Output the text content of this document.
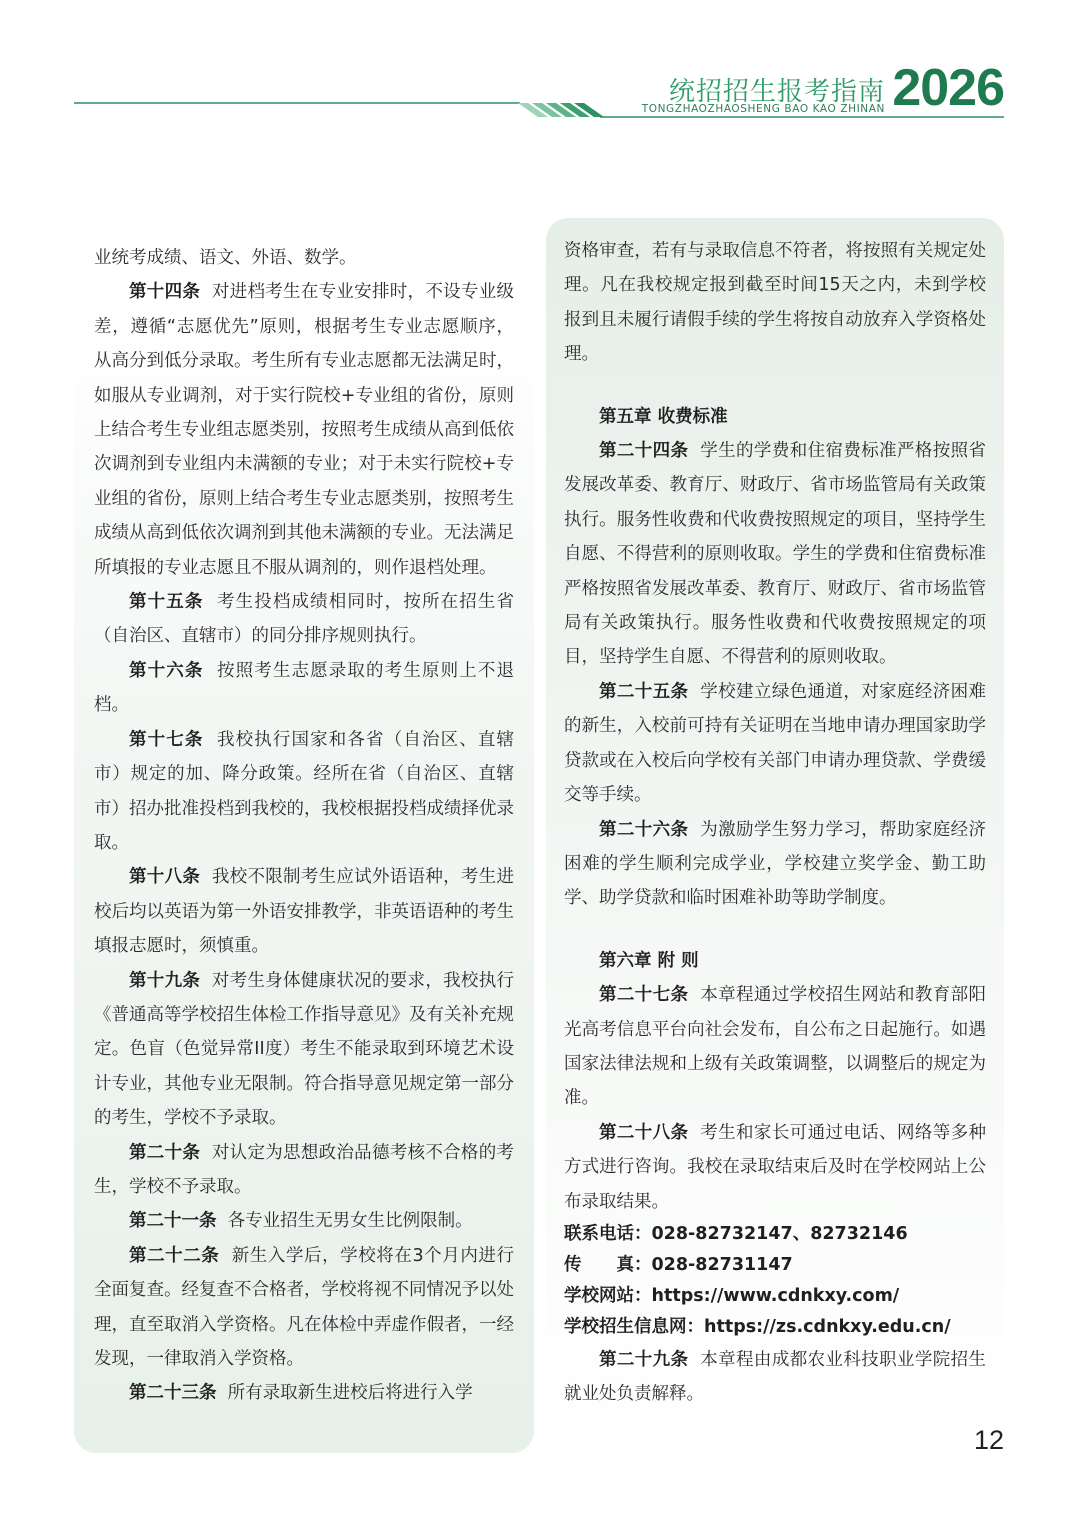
统招招生报考指南
TONGZHAOZHAOSHENG BAO KAO ZHINAN 2026

业统考成绩、语文、外语、数学。

第十四条 对进档考生在专业安排时，不设专业级差，遵循“志愿优先”原则，根据考生专业志愿顺序，从高分到低分录取。考生所有专业志愿都无法满足时，如服从专业调剂，对于实行院校+专业组的省份，原则上结合考生专业组志愿类别，按照考生成绩从高到低依次调剂到专业组内未满额的专业；对于未实行院校+专业组的省份，原则上结合考生专业志愿类别，按照考生成绩从高到低依次调剂到其他未满额的专业。无法满足所填报的专业志愿且不服从调剂的，则作退档处理。

第十五条 考生投档成绩相同时，按所在招生省（自治区、直辖市）的同分排序规则执行。

第十六条 按照考生志愿录取的考生原则上不退档。

第十七条 我校执行国家和各省（自治区、直辖市）规定的加、降分政策。经所在省（自治区、直辖市）招办批准投档到我校的，我校根据投档成绩择优录取。

第十八条 我校不限制考生应试外语语种，考生进校后均以英语为第一外语安排教学，非英语语种的考生填报志愿时，须慎重。

第十九条 对考生身体健康状况的要求，我校执行《普通高等学校招生体检工作指导意见》及有关补充规定。色盲（色觉异常II度）考生不能录取到环境艺术设计专业，其他专业无限制。符合指导意见规定第一部分的考生，学校不予录取。

第二十条 对认定为思想政治品德考核不合格的考生，学校不予录取。

第二十一条 各专业招生无男女生比例限制。

第二十二条 新生入学后，学校将在3个月内进行全面复查。经复查不合格者，学校将视不同情况予以处理，直至取消入学资格。凡在体检中弄虚作假者，一经发现，一律取消入学资格。

第二十三条 所有录取新生进校后将进行入学

资格审查，若有与录取信息不符者，将按照有关规定处理。凡在我校规定报到截至时间15天之内，未到学校报到且未履行请假手续的学生将按自动放弃入学资格处理。

第五章 收费标准

第二十四条 学生的学费和住宿费标准严格按照省发展改革委、教育厅、财政厅、省市场监管局有关政策执行。服务性收费和代收费按照规定的项目，坚持学生自愿、不得营利的原则收取。学生的学费和住宿费标准严格按照省发展改革委、教育厅、财政厅、省市场监管局有关政策执行。服务性收费和代收费按照规定的项目，坚持学生自愿、不得营利的原则收取。

第二十五条 学校建立绿色通道，对家庭经济困难的新生，入校前可持有关证明在当地申请办理国家助学贷款或在入校后向学校有关部门申请办理贷款、学费缓交等手续。

第二十六条 为激励学生努力学习，帮助家庭经济困难的学生顺利完成学业，学校建立奖学金、勤工助学、助学贷款和临时困难补助等助学制度。

第六章 附 则

第二十七条 本章程通过学校招生网站和教育部阳光高考信息平台向社会发布，自公布之日起施行。如遇国家法律法规和上级有关政策调整，以调整后的规定为准。

第二十八条 考生和家长可通过电话、网络等多种方式进行咨询。我校在录取结束后及时在学校网站上公布录取结果。

联系电话：028-82732147、82732146

传　　真：028-82731147

学校网站：https://www.cdnkxy.com/

学校招生信息网：https://zs.cdnkxy.edu.cn/

第二十九条 本章程由成都农业科技职业学院招生就业处负责解释。

12
